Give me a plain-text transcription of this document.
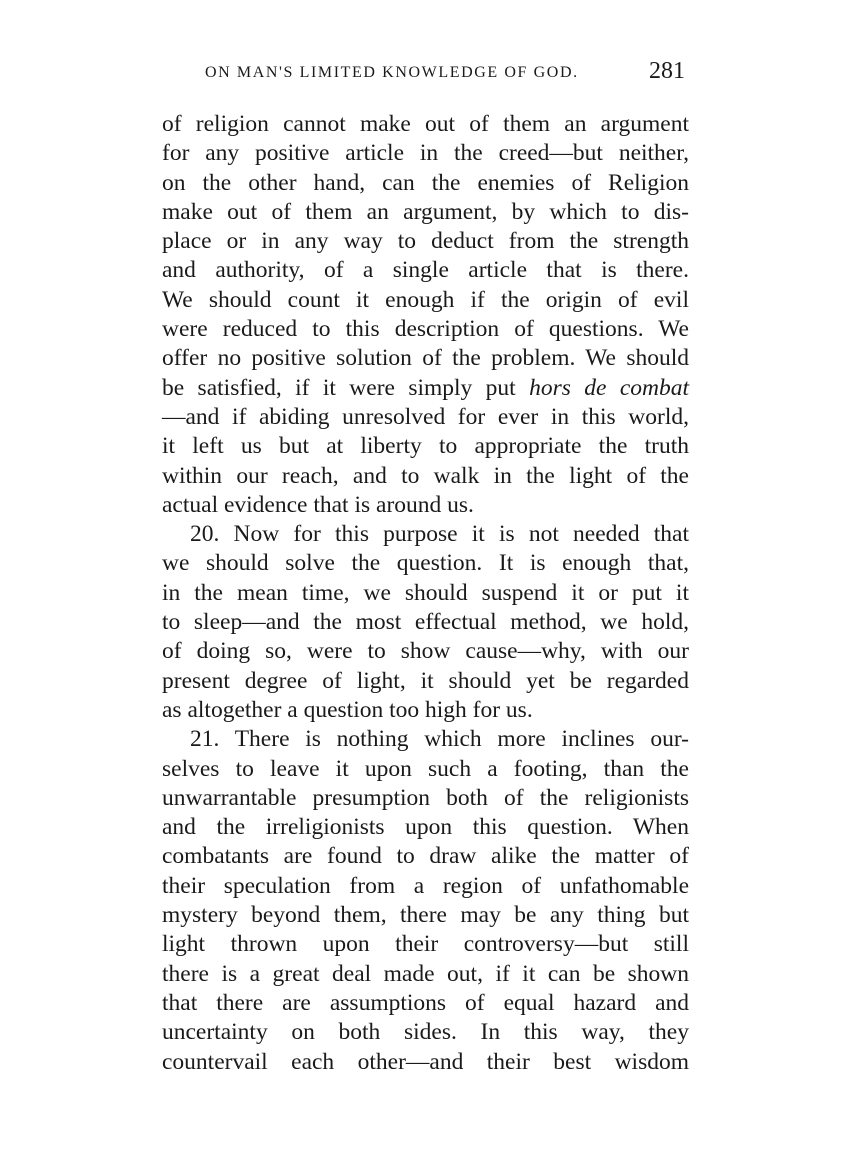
ON MAN'S LIMITED KNOWLEDGE OF GOD.	281
of religion cannot make out of them an argument
for any positive article in the creed—but neither,
on the other hand, can the enemies of Religion
make out of them an argument, by which to dis-
place or in any way to deduct from the strength
and authority, of a single article that is there.
We should count it enough if the origin of evil
were reduced to this description of questions. We
offer no positive solution of the problem. We should
be satisfied, if it were simply put hors de combat
—and if abiding unresolved for ever in this world,
it left us but at liberty to appropriate the truth
within our reach, and to walk in the light of the
actual evidence that is around us.
20. Now for this purpose it is not needed that
we should solve the question. It is enough that,
in the mean time, we should suspend it or put it
to sleep—and the most effectual method, we hold,
of doing so, were to show cause—why, with our
present degree of light, it should yet be regarded
as altogether a question too high for us.
21. There is nothing which more inclines our-
selves to leave it upon such a footing, than the
unwarrantable presumption both of the religionists
and the irreligionists upon this question. When
combatants are found to draw alike the matter of
their speculation from a region of unfathomable
mystery beyond them, there may be any thing but
light thrown upon their controversy—but still
there is a great deal made out, if it can be shown
that there are assumptions of equal hazard and
uncertainty on both sides. In this way, they
countervail each other—and their best wisdom
